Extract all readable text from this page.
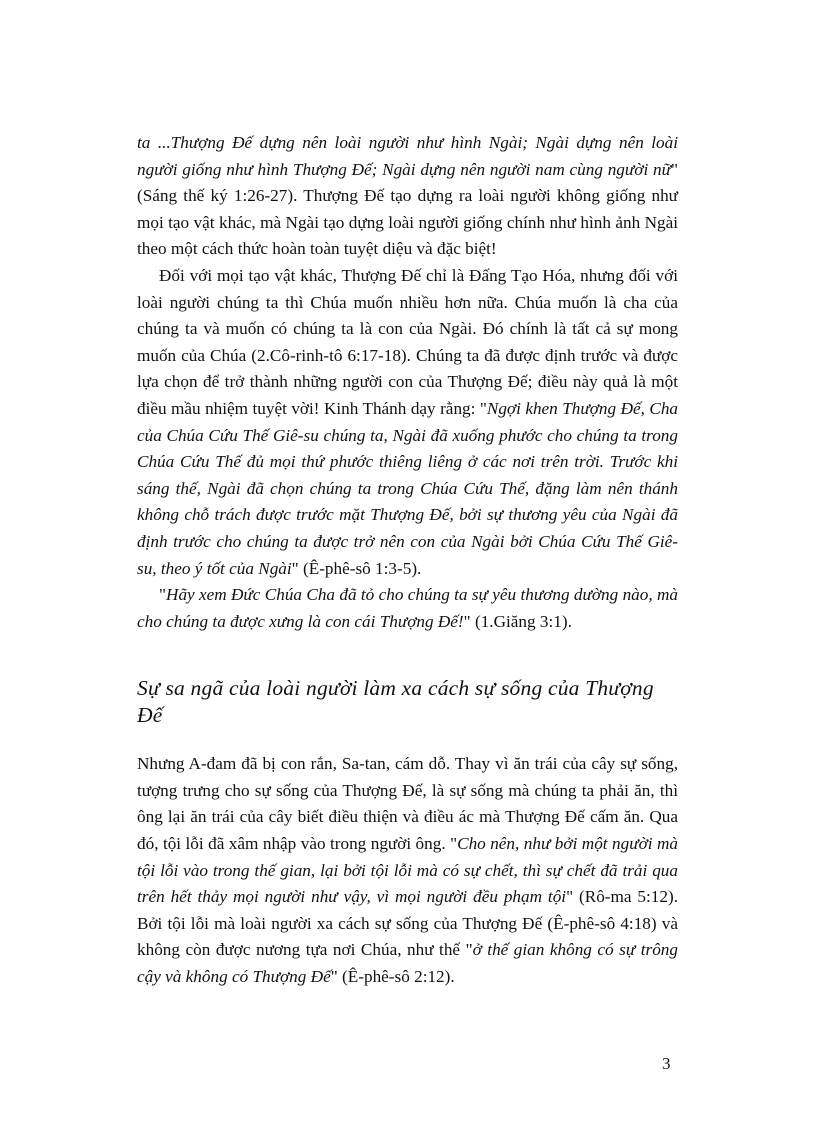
ta ...Thượng Đế dựng nên loài người như hình Ngài; Ngài dựng nên loài người giống như hình Thượng Đế; Ngài dựng nên người nam cùng người nữ"(Sáng thế ký 1:26-27). Thượng Đế tạo dựng ra loài người không giống như mọi tạo vật khác, mà Ngài tạo dựng loài người giống chính như hình ảnh Ngài theo một cách thức hoàn toàn tuyệt diệu và đặc biệt!

Đối với mọi tạo vật khác, Thượng Đế chỉ là Đấng Tạo Hóa, nhưng đối với loài người chúng ta thì Chúa muốn nhiều hơn nữa. Chúa muốn là cha của chúng ta và muốn có chúng ta là con của Ngài. Đó chính là tất cả sự mong muốn của Chúa (2.Cô-rinh-tô 6:17-18). Chúng ta đã được định trước và được lựa chọn để trở thành những người con của Thượng Đế; điều này quả là một điều mầu nhiệm tuyệt vời! Kinh Thánh dạy rằng: "Ngợi khen Thượng Đế, Cha của Chúa Cứu Thế Giê-su chúng ta, Ngài đã xuống phước cho chúng ta trong Chúa Cứu Thế đủ mọi thứ phước thiêng liêng ở các nơi trên trời. Trước khi sáng thế, Ngài đã chọn chúng ta trong Chúa Cứu Thế, đặng làm nên thánh không chỗ trách được trước mặt Thượng Đế, bởi sự thương yêu của Ngài đã định trước cho chúng ta được trở nên con của Ngài bởi Chúa Cứu Thế Giê-su, theo ý tốt của Ngài" (Ê-phê-sô 1:3-5).

"Hãy xem Đức Chúa Cha đã tỏ cho chúng ta sự yêu thương dường nào, mà cho chúng ta được xưng là con cái Thượng Đế!" (1.Giăng 3:1).

Sự sa ngã của loài người làm xa cách sự sống của Thượng Đế

Nhưng A-đam đã bị con rắn, Sa-tan, cám dỗ. Thay vì ăn trái của cây sự sống, tượng trưng cho sự sống của Thượng Đế, là sự sống mà chúng ta phải ăn, thì ông lại ăn trái của cây biết điều thiện và điều ác mà Thượng Đế cấm ăn. Qua đó, tội lỗi đã xâm nhập vào trong người ông. "Cho nên, như bởi một người mà tội lỗi vào trong thế gian, lại bởi tội lỗi mà có sự chết, thì sự chết đã trải qua trên hết thảy mọi người như vậy, vì mọi người đều phạm tội" (Rô-ma 5:12). Bởi tội lỗi mà loài người xa cách sự sống của Thượng Đế (Ê-phê-sô 4:18) và không còn được nương tựa nơi Chúa, như thế "ở thế gian không có sự trông cậy và không có Thượng Đế" (Ê-phê-sô 2:12).

3
